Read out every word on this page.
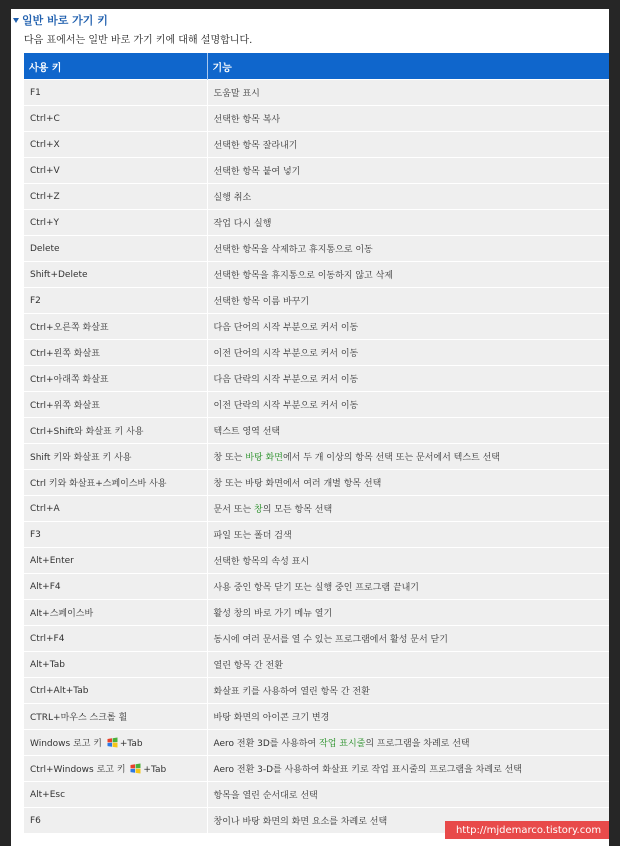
일반 바로 가기 키
다음 표에서는 일반 바로 가기 키에 대해 설명합니다.
사용 키	기능
F1	도움말 표시
Ctrl+C	선택한 항목 복사
Ctrl+X	선택한 항목 잘라내기
Ctrl+V	선택한 항목 붙여 넣기
Ctrl+Z	실행 취소
Ctrl+Y	작업 다시 실행
Delete	선택한 항목을 삭제하고 휴지통으로 이동
Shift+Delete	선택한 항목을 휴지통으로 이동하지 않고 삭제
F2	선택한 항목 이름 바꾸기
Ctrl+오른쪽 화살표	다음 단어의 시작 부분으로 커서 이동
Ctrl+왼쪽 화살표	이전 단어의 시작 부분으로 커서 이동
Ctrl+아래쪽 화살표	다음 단락의 시작 부분으로 커서 이동
Ctrl+위쪽 화살표	이전 단락의 시작 부분으로 커서 이동
Ctrl+Shift와 화살표 키 사용	텍스트 영역 선택
Shift 키와 화살표 키 사용	창 또는 바탕 화면에서 두 개 이상의 항목 선택 또는 문서에서 텍스트 선택
Ctrl 키와 화살표+스페이스바 사용	창 또는 바탕 화면에서 여러 개별 항목 선택
Ctrl+A	문서 또는 창의 모든 항목 선택
F3	파일 또는 폴더 검색
Alt+Enter	선택한 항목의 속성 표시
Alt+F4	사용 중인 항목 닫기 또는 실행 중인 프로그램 끝내기
Alt+스페이스바	활성 창의 바로 가기 메뉴 열기
Ctrl+F4	동시에 여러 문서를 열 수 있는 프로그램에서 활성 문서 닫기
Alt+Tab	열린 항목 간 전환
Ctrl+Alt+Tab	화살표 키를 사용하여 열린 항목 간 전환
CTRL+마우스 스크롤 휠	바탕 화면의 아이콘 크기 변경
Windows 로고 키 +Tab	Aero 전환 3D를 사용하여 작업 표시줄의 프로그램을 차례로 선택
Ctrl+Windows 로고 키 +Tab	Aero 전환 3-D를 사용하여 화살표 키로 작업 표시줄의 프로그램을 차례로 선택
Alt+Esc	항목을 열린 순서대로 선택
F6	창이나 바탕 화면의 화면 요소를 차례로 선택
http://mjdemarco.tistory.com
